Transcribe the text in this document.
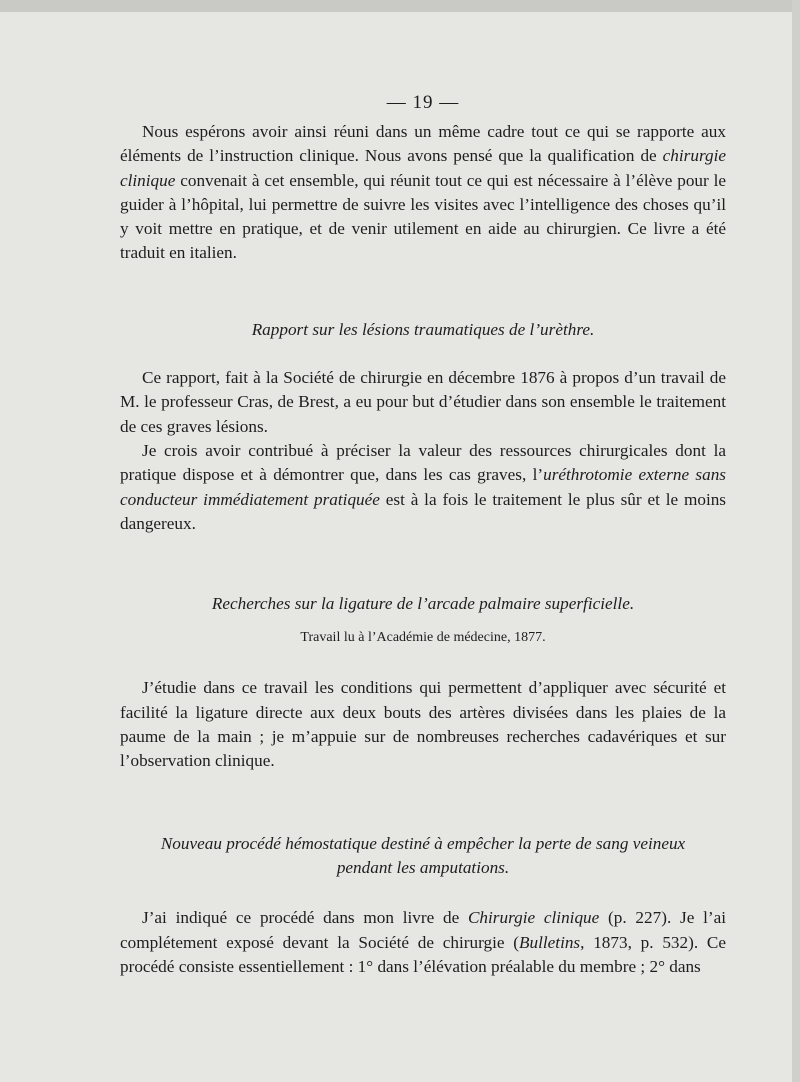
— 19 —

Nous espérons avoir ainsi réuni dans un même cadre tout ce qui se rapporte aux éléments de l’instruction clinique. Nous avons pensé que la qualification de chirurgie clinique convenait à cet ensemble, qui réunit tout ce qui est nécessaire à l’élève pour le guider à l’hôpital, lui permettre de suivre les visites avec l’intelligence des choses qu’il y voit mettre en pratique, et de venir utilement en aide au chirurgien. Ce livre a été traduit en italien.

Rapport sur les lésions traumatiques de l’urèthre.

Ce rapport, fait à la Société de chirurgie en décembre 1876 à propos d’un travail de M. le professeur Cras, de Brest, a eu pour but d’étudier dans son ensemble le traitement de ces graves lésions.

Je crois avoir contribué à préciser la valeur des ressources chirurgicales dont la pratique dispose et à démontrer que, dans les cas graves, l’uréthrotomie externe sans conducteur immédiatement pratiquée est à la fois le traitement le plus sûr et le moins dangereux.

Recherches sur la ligature de l’arcade palmaire superficielle.
Travail lu à l’Académie de médecine, 1877.

J’étudie dans ce travail les conditions qui permettent d’appliquer avec sécurité et facilité la ligature directe aux deux bouts des artères divisées dans les plaies de la paume de la main ; je m’appuie sur de nombreuses recherches cadavériques et sur l’observation clinique.

Nouveau procédé hémostatique destiné à empêcher la perte de sang veineux
pendant les amputations.

J’ai indiqué ce procédé dans mon livre de Chirurgie clinique (p. 227). Je l’ai complétement exposé devant la Société de chirurgie (Bulletins, 1873, p. 532). Ce procédé consiste essentiellement : 1° dans l’élévation préalable du membre ; 2° dans
